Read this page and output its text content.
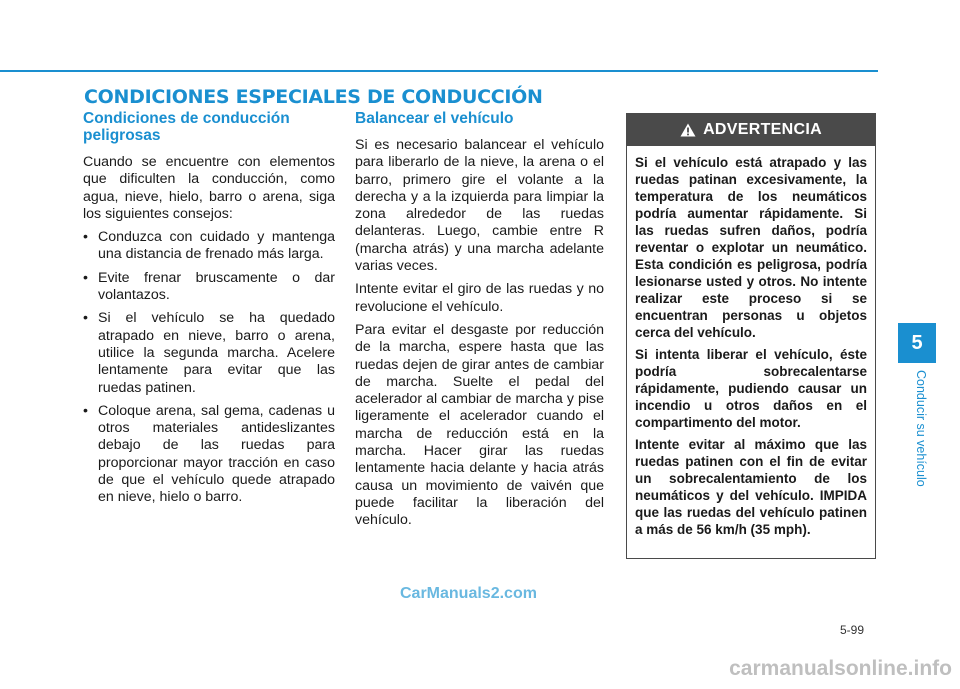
CONDICIONES ESPECIALES DE CONDUCCIÓN
Condiciones de conducción peligrosas

Cuando se encuentre con elementos que dificulten la conducción, como agua, nieve, hielo, barro o arena, siga los siguientes consejos:

• Conduzca con cuidado y mantenga una distancia de frenado más larga.
• Evite frenar bruscamente o dar volantazos.
• Si el vehículo se ha quedado atrapado en nieve, barro o arena, utilice la segunda marcha. Acelere lentamente para evitar que las ruedas patinen.
• Coloque arena, sal gema, cadenas u otros materiales antideslizantes debajo de las ruedas para proporcionar mayor tracción en caso de que el vehículo quede atrapado en nieve, hielo o barro.
Balancear el vehículo

Si es necesario balancear el vehículo para liberarlo de la nieve, la arena o el barro, primero gire el volante a la derecha y a la izquierda para limpiar la zona alrededor de las ruedas delanteras. Luego, cambie entre R (marcha atrás) y una marcha adelante varias veces.

Intente evitar el giro de las ruedas y no revolucione el vehículo.

Para evitar el desgaste por reducción de la marcha, espere hasta que las ruedas dejen de girar antes de cambiar de marcha. Suelte el pedal del acelerador al cambiar de marcha y pise ligeramente el acelerador cuando el marcha de reducción está en la marcha. Hacer girar las ruedas lentamente hacia delante y hacia atrás causa un movimiento de vaivén que puede facilitar la liberación del vehículo.

ADVERTENCIA

Si el vehículo está atrapado y las ruedas patinan excesivamente, la temperatura de los neumáticos podría aumentar rápidamente. Si las ruedas sufren daños, podría reventar o explotar un neumático. Esta condición es peligrosa, podría lesionarse usted y otros. No intente realizar este proceso si se encuentran personas u objetos cerca del vehículo.

Si intenta liberar el vehículo, éste podría sobrecalentarse rápidamente, pudiendo causar un incendio u otros daños en el compartimento del motor.

Intente evitar al máximo que las ruedas patinen con el fin de evitar un sobrecalentamiento de los neumáticos y del vehículo. IMPIDA que las ruedas del vehículo patinen a más de 56 km/h (35 mph).

5
Conducir su vehículo
CarManuals2.com
5-99
carmanualsonline.info
